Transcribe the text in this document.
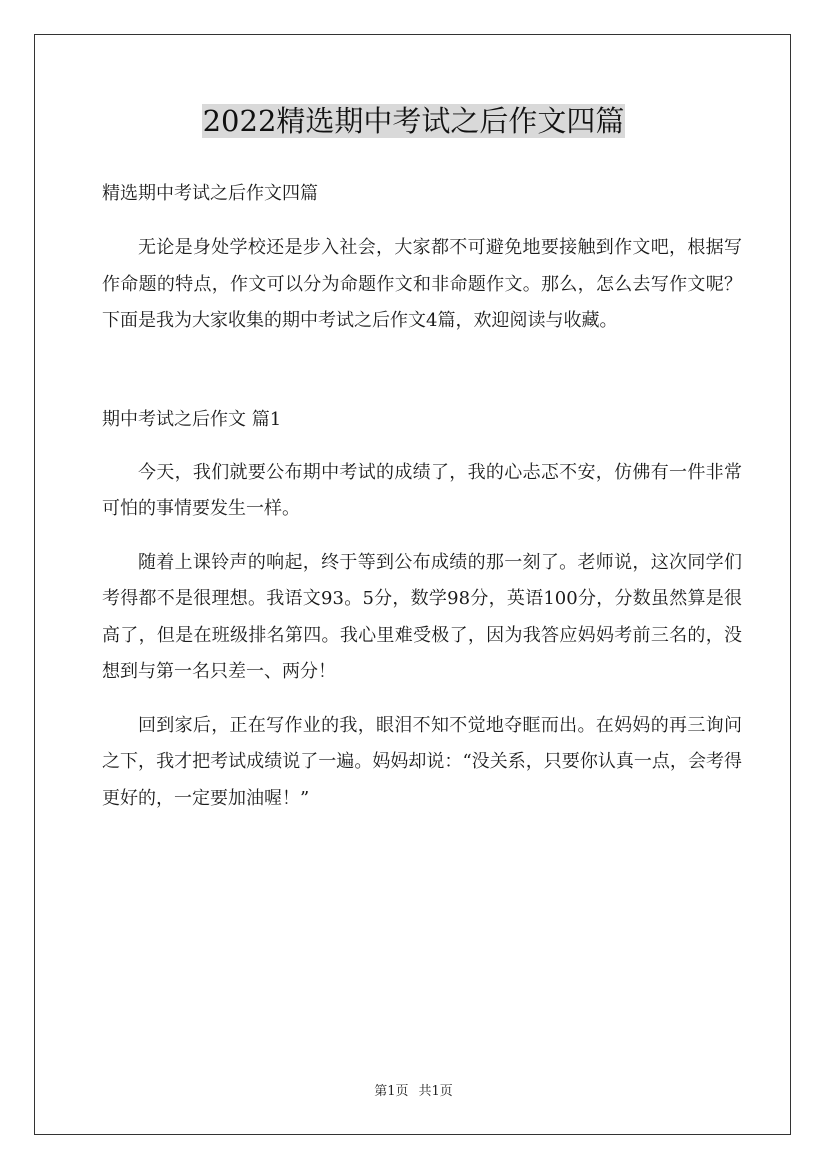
2022精选期中考试之后作文四篇

精选期中考试之后作文四篇

无论是身处学校还是步入社会，大家都不可避免地要接触到作文吧，根据写作命题的特点，作文可以分为命题作文和非命题作文。那么，怎么去写作文呢？下面是我为大家收集的期中考试之后作文4篇，欢迎阅读与收藏。

期中考试之后作文 篇1

今天，我们就要公布期中考试的成绩了，我的心忐忑不安，仿佛有一件非常可怕的事情要发生一样。

随着上课铃声的响起，终于等到公布成绩的那一刻了。老师说，这次同学们考得都不是很理想。我语文93。5分，数学98分，英语100分，分数虽然算是很高了，但是在班级排名第四。我心里难受极了，因为我答应妈妈考前三名的，没想到与第一名只差一、两分！

回到家后，正在写作业的我，眼泪不知不觉地夺眶而出。在妈妈的再三询问之下，我才把考试成绩说了一遍。妈妈却说：“没关系，只要你认真一点，会考得更好的，一定要加油喔！”

第1页 共1页
